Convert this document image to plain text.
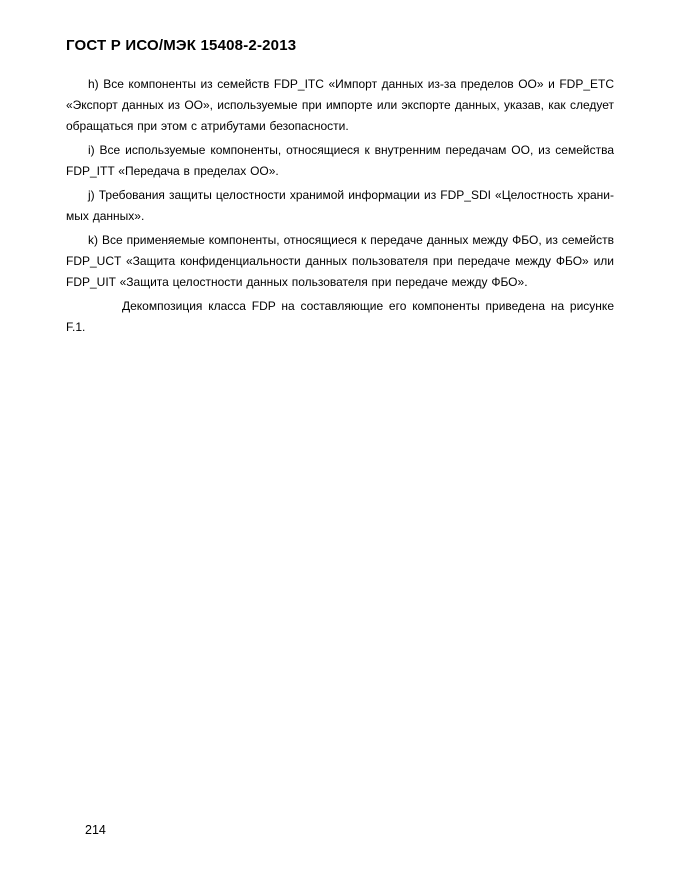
ГОСТ Р ИСО/МЭК 15408-2-2013

h) Все компоненты из семейств FDP_ITC «Импорт данных из-за пределов ОО» и FDP_ETC «Экспорт данных из ОО», используемые при импорте или экспорте данных, указав, как следует обращаться при этом с атрибутами безопасности.

i) Все используемые компоненты, относящиеся к внутренним передачам ОО, из семейства FDP_ITT «Передача в пределах ОО».

j) Требования защиты целостности хранимой информации из FDP_SDI «Целостность храни-мых данных».

k) Все применяемые компоненты, относящиеся к передаче данных между ФБО, из семейств FDP_UCT «Защита конфиденциальности данных пользователя при передаче между ФБО» или FDP_UIT «Защита целостности данных пользователя при передаче между ФБО».

Декомпозиция класса FDP на составляющие его компоненты приведена на рисунке F.1.

214
